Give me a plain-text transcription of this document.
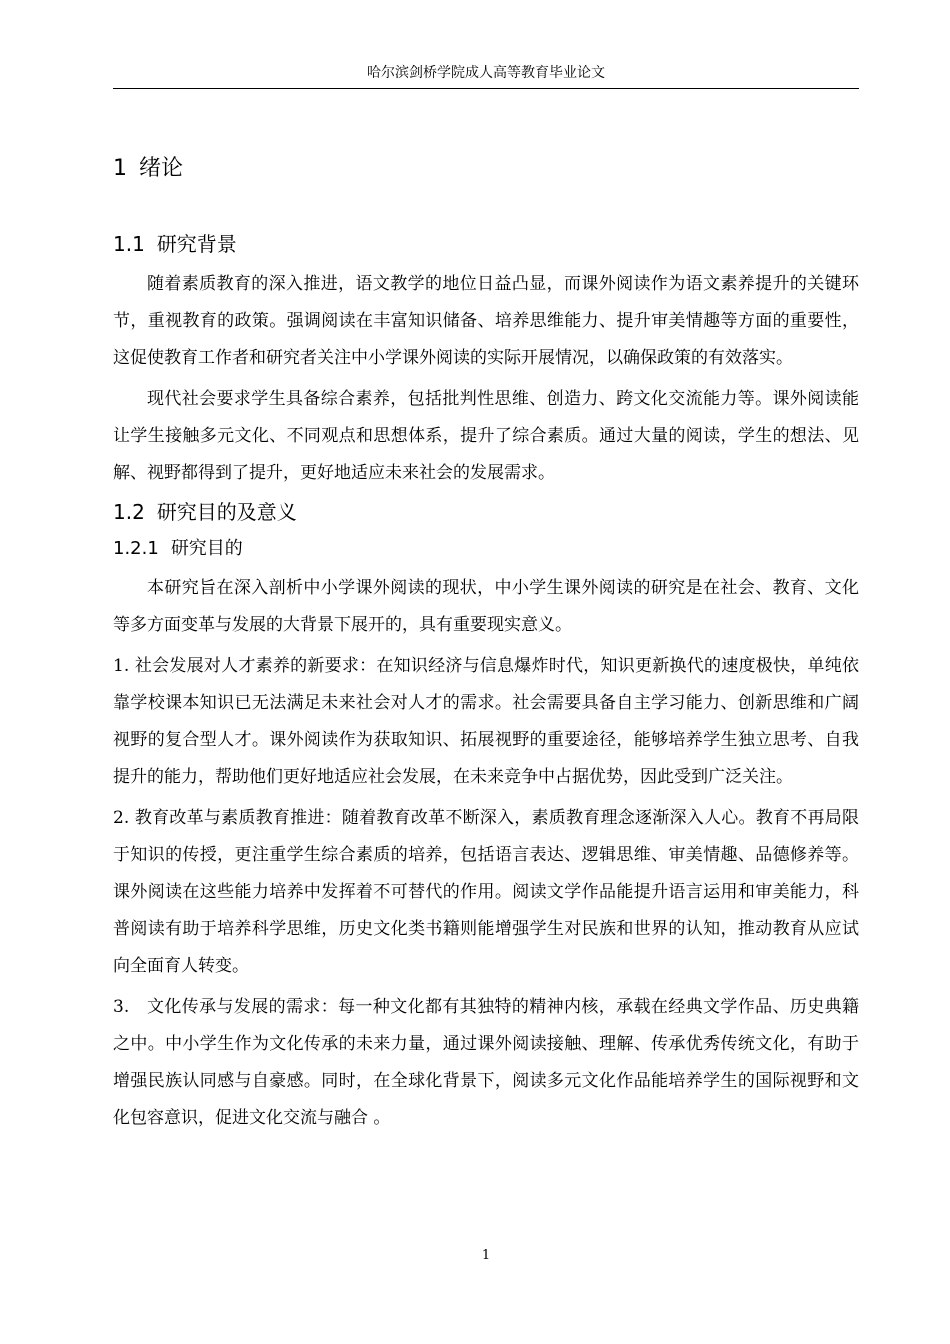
哈尔滨剑桥学院成人高等教育毕业论文
1 绪论
1.1 研究背景

随着素质教育的深入推进，语文教学的地位日益凸显，而课外阅读作为语文素养提升的关键环节，重视教育的政策。强调阅读在丰富知识储备、培养思维能力、提升审美情趣等方面的重要性，这促使教育工作者和研究者关注中小学课外阅读的实际开展情况，以确保政策的有效落实。

现代社会要求学生具备综合素养，包括批判性思维、创造力、跨文化交流能力等。课外阅读能让学生接触多元文化、不同观点和思想体系，提升了综合素质。通过大量的阅读，学生的想法、见解、视野都得到了提升，更好地适应未来社会的发展需求。

1.2 研究目的及意义
1.2.1 研究目的

本研究旨在深入剖析中小学课外阅读的现状，中小学生课外阅读的研究是在社会、教育、文化等多方面变革与发展的大背景下展开的，具有重要现实意义。

1. 社会发展对人才素养的新要求：在知识经济与信息爆炸时代，知识更新换代的速度极快，单纯依靠学校课本知识已无法满足未来社会对人才的需求。社会需要具备自主学习能力、创新思维和广阔视野的复合型人才。课外阅读作为获取知识、拓展视野的重要途径，能够培养学生独立思考、自我提升的能力，帮助他们更好地适应社会发展，在未来竞争中占据优势，因此受到广泛关注。

2. 教育改革与素质教育推进：随着教育改革不断深入，素质教育理念逐渐深入人心。教育不再局限于知识的传授，更注重学生综合素质的培养，包括语言表达、逻辑思维、审美情趣、品德修养等。课外阅读在这些能力培养中发挥着不可替代的作用。阅读文学作品能提升语言运用和审美能力，科普阅读有助于培养科学思维，历史文化类书籍则能增强学生对民族和世界的认知，推动教育从应试向全面育人转变。

3.　文化传承与发展的需求：每一种文化都有其独特的精神内核，承载在经典文学作品、历史典籍之中。中小学生作为文化传承的未来力量，通过课外阅读接触、理解、传承优秀传统文化，有助于增强民族认同感与自豪感。同时，在全球化背景下，阅读多元文化作品能培养学生的国际视野和文化包容意识，促进文化交流与融合 。

1
